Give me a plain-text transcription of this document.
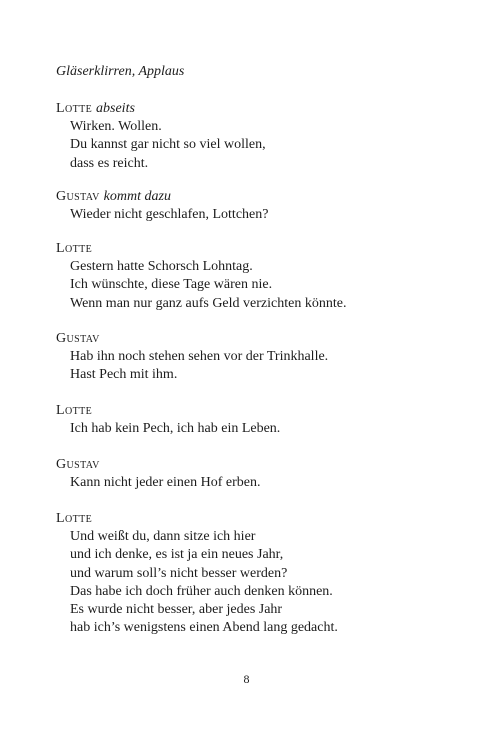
Gläserklirren, Applaus
Lotte abseits
Wirken. Wollen.
Du kannst gar nicht so viel wollen,
dass es reicht.
Gustav kommt dazu
Wieder nicht geschlafen, Lottchen?
Lotte
Gestern hatte Schorsch Lohntag.
Ich wünschte, diese Tage wären nie.
Wenn man nur ganz aufs Geld verzichten könnte.
Gustav
Hab ihn noch stehen sehen vor der Trinkhalle.
Hast Pech mit ihm.
Lotte
Ich hab kein Pech, ich hab ein Leben.
Gustav
Kann nicht jeder einen Hof erben.
Lotte
Und weißt du, dann sitze ich hier
und ich denke, es ist ja ein neues Jahr,
und warum soll’s nicht besser werden?
Das habe ich doch früher auch denken können.
Es wurde nicht besser, aber jedes Jahr
hab ich’s wenigstens einen Abend lang gedacht.
8
